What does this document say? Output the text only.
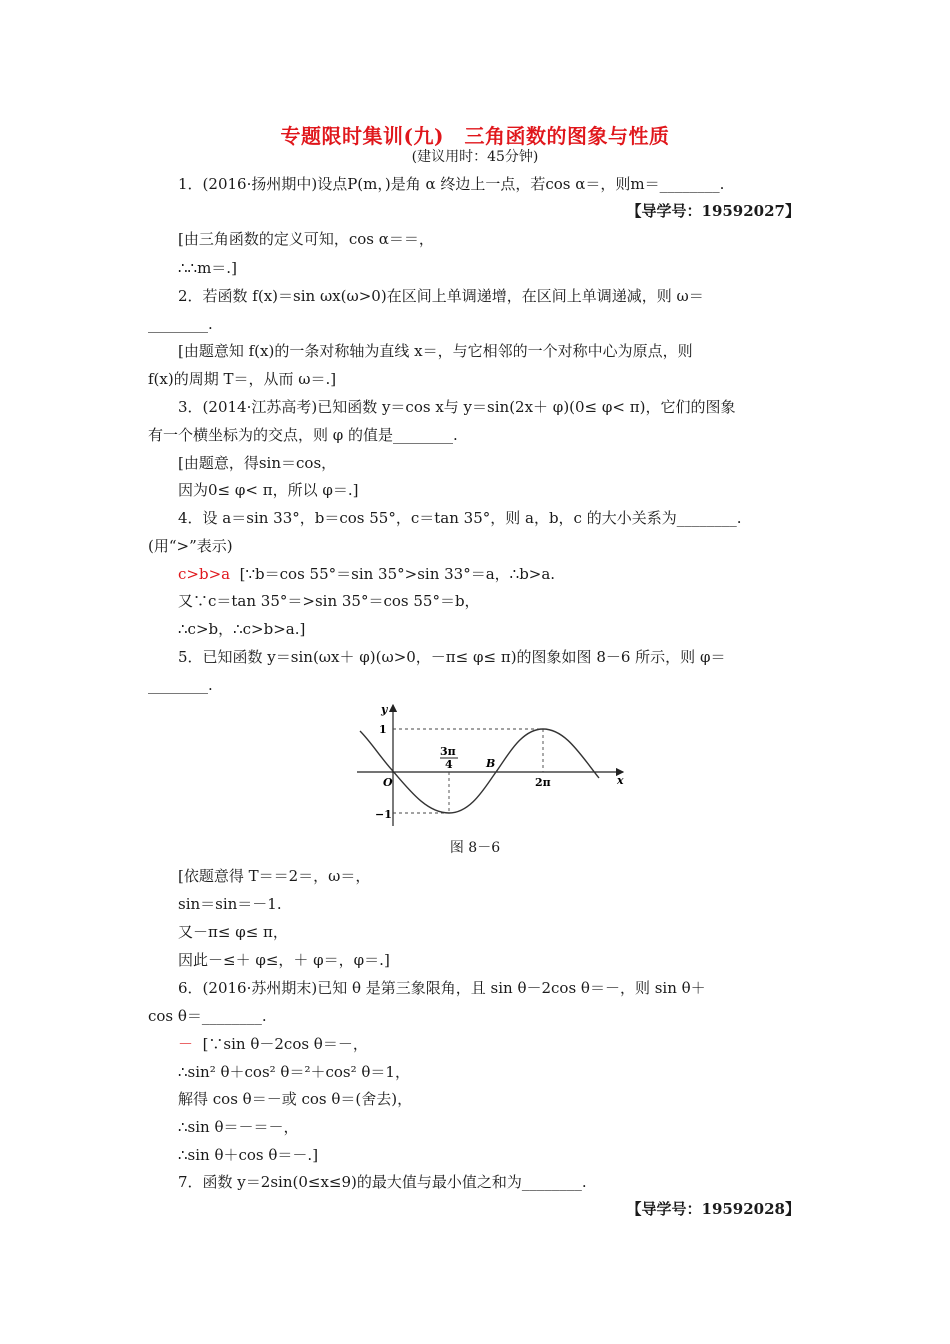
专题限时集训(九)　三角函数的图象与性质
(建议用时：45分钟)
1．(2016·扬州期中)设点P(m，)是角 α 终边上一点，若cos α＝，则m＝________.
【导学号：19592027】
[由三角函数的定义可知，cos α＝＝，
∴∴m＝.]
2．若函数 f(x)＝sin ωx(ω>0)在区间上单调递增，在区间上单调递减，则 ω＝
________.
[由题意知 f(x)的一条对称轴为直线 x＝，与它相邻的一个对称中心为原点，则
f(x)的周期 T＝，从而 ω＝.]
3．(2014·江苏高考)已知函数 y＝cos x与 y＝sin(2x＋ φ)(0≤ φ< π)，它们的图象
有一个横坐标为的交点，则 φ 的值是________.
[由题意，得sin＝cos，
因为0≤ φ< π，所以 φ＝.]
4．设 a＝sin 33°，b＝cos 55°，c＝tan 35°，则 a，b，c 的大小关系为________.
(用“>”表示)
c>b>a [∵b＝cos 55°＝sin 35°>sin 33°＝a，∴b>a.
又∵c＝tan 35°＝>sin 35°＝cos 55°＝b，
∴c>b，∴c>b>a.]
5．已知函数 y＝sin(ωx＋ φ)(ω>0，－π≤ φ≤ π)的图象如图 8－6 所示，则 φ＝
________.
y
x
1
−1
O
3π
4	B
2π
图 8－6
[依题意得 T＝＝2＝，ω＝，
sin＝sin＝－1.
又－π≤ φ≤ π，
因此－≤＋ φ≤，＋ φ＝，φ＝.]
6．(2016·苏州期末)已知 θ 是第三象限角，且 sin θ－2cos θ＝－，则 sin θ＋
cos θ＝________.
－ [∵sin θ－2cos θ＝－，
∴sin² θ＋cos² θ＝²＋cos² θ＝1，
解得 cos θ＝－或 cos θ＝(舍去)，
∴sin θ＝－＝－，
∴sin θ＋cos θ＝－.]
7．函数 y＝2sin(0≤x≤9)的最大值与最小值之和为________.
【导学号：19592028】
